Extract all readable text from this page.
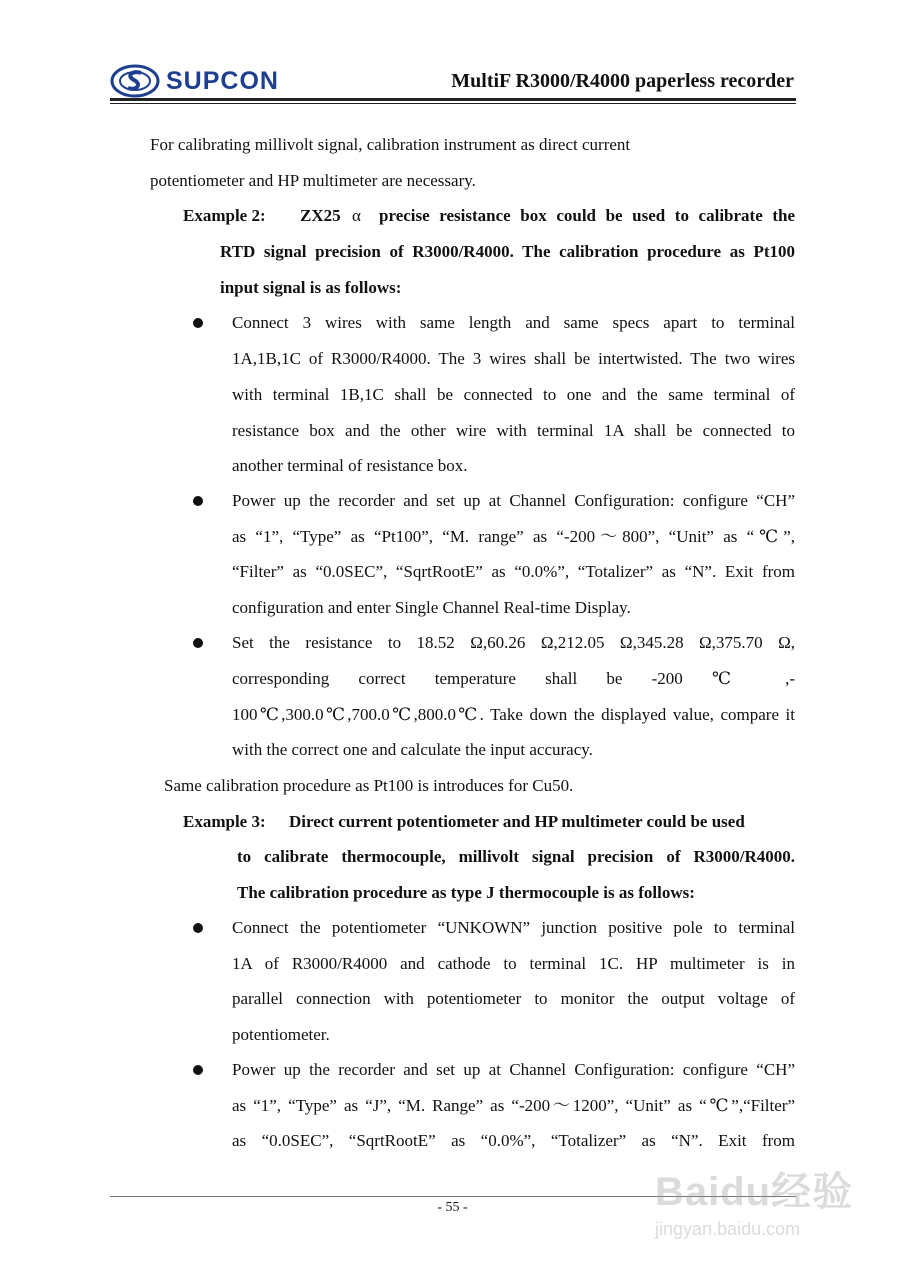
SUPCON	MultiF R3000/R4000 paperless recorder
For calibrating millivolt signal, calibration instrument as direct current
potentiometer and HP multimeter are necessary.
Example 2: ZX25 α precise resistance box could be used to calibrate the
RTD signal precision of R3000/R4000. The calibration procedure as Pt100
input signal is as follows:
Connect 3 wires with same length and same specs apart to terminal
1A,1B,1C of R3000/R4000. The 3 wires shall be intertwisted. The two wires
with terminal 1B,1C shall be connected to one and the same terminal of
resistance box and the other wire with terminal 1A shall be connected to
another terminal of resistance box.
Power up the recorder and set up at Channel Configuration: configure “CH”
as “1”, “Type” as “Pt100”, “M. range” as “-200～800”, “Unit” as “℃”,
“Filter” as “0.0SEC”, “SqrtRootE” as “0.0%”, “Totalizer” as “N”. Exit from
configuration and enter Single Channel Real-time Display.
Set the resistance to 18.52 Ω,60.26 Ω,212.05 Ω,345.28 Ω,375.70 Ω,
corresponding correct temperature shall be -200 ℃ ,-
100℃,300.0℃,700.0℃,800.0℃. Take down the displayed value, compare it
with the correct one and calculate the input accuracy.
Same calibration procedure as Pt100 is introduces for Cu50.
Example 3: Direct current potentiometer and HP multimeter could be used
to calibrate thermocouple, millivolt signal precision of R3000/R4000.
The calibration procedure as type J thermocouple is as follows:
Connect the potentiometer “UNKOWN” junction positive pole to terminal
1A of R3000/R4000 and cathode to terminal 1C. HP multimeter is in
parallel connection with potentiometer to monitor the output voltage of
potentiometer.
Power up the recorder and set up at Channel Configuration: configure “CH”
as “1”, “Type” as “J”, “M. Range” as “-200～1200”, “Unit” as “℃”,“Filter”
as “0.0SEC”, “SqrtRootE” as “0.0%”, “Totalizer” as “N”. Exit from
- 55 -	Baidu经验
jingyan.baidu.com
